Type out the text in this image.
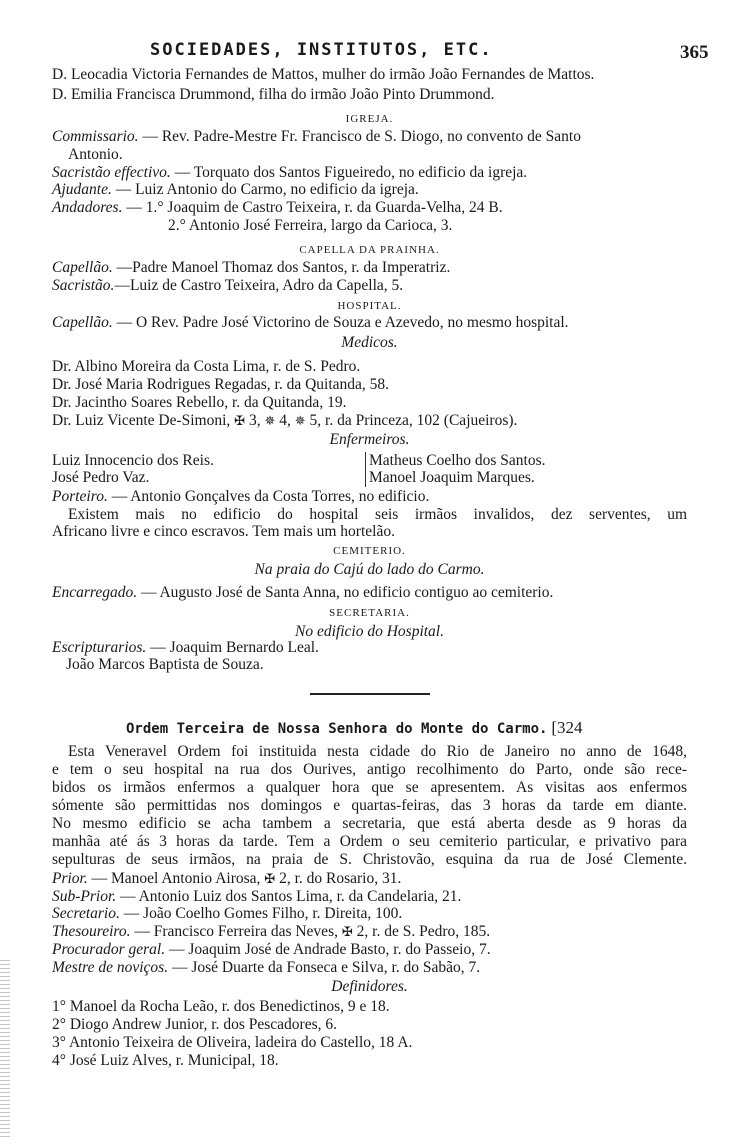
SOCIEDADES, INSTITUTOS, ETC.	365
D. Leocadia Victoria Fernandes de Mattos, mulher do irmão João Fernandes de Mattos.
D. Emilia Francisca Drummond, filha do irmão João Pinto Drummond.
IGREJA.
Commissario. — Rev. Padre-Mestre Fr. Francisco de S. Diogo, no convento de Santo
Antonio.
Sacristão effectivo. — Torquato dos Santos Figueiredo, no edificio da igreja.
Ajudante. — Luiz Antonio do Carmo, no edificio da igreja.
Andadores. — 1.° Joaquim de Castro Teixeira, r. da Guarda-Velha, 24 B.
2.° Antonio José Ferreira, largo da Carioca, 3.
CAPELLA DA PRAINHA.
Capellão. —Padre Manoel Thomaz dos Santos, r. da Imperatriz.
Sacristão.—Luiz de Castro Teixeira, Adro da Capella, 5.
HOSPITAL.
Capellão. — O Rev. Padre José Victorino de Souza e Azevedo, no mesmo hospital.
Medicos.
Dr. Albino Moreira da Costa Lima, r. de S. Pedro.
Dr. José Maria Rodrigues Regadas, r. da Quitanda, 58.
Dr. Jacintho Soares Rebello, r. da Quitanda, 19.
Dr. Luiz Vicente De-Simoni, ✠ 3, ✵ 4, ✵ 5, r. da Princeza, 102 (Cajueiros).
Enfermeiros.
Luiz Innocencio dos Reis.
José Pedro Vaz.
Matheus Coelho dos Santos.
Manoel Joaquim Marques.
Porteiro. — Antonio Gonçalves da Costa Torres, no edificio.
Existem mais no edificio do hospital seis irmãos invalidos, dez serventes, um
Africano livre e cinco escravos. Tem mais um hortelão.
CEMITERIO.
Na praia do Cajú do lado do Carmo.
Encarregado. — Augusto José de Santa Anna, no edificio contiguo ao cemiterio.
SECRETARIA.
No edificio do Hospital.
Escripturarios. — Joaquim Bernardo Leal.
João Marcos Baptista de Souza.
Ordem Terceira de Nossa Senhora do Monte do Carmo. [324
Esta Veneravel Ordem foi instituida nesta cidade do Rio de Janeiro no anno de 1648,
e tem o seu hospital na rua dos Ourives, antigo recolhimento do Parto, onde são rece-
bidos os irmãos enfermos a qualquer hora que se apresentem. As visitas aos enfermos
sómente são permittidas nos domingos e quartas-feiras, das 3 horas da tarde em diante.
No mesmo edificio se acha tambem a secretaria, que está aberta desde as 9 horas da
manhãa até ás 3 horas da tarde. Tem a Ordem o seu cemiterio particular, e privativo para
sepulturas de seus irmãos, na praia de S. Christovão, esquina da rua de José Clemente.
Prior. — Manoel Antonio Airosa, ✠ 2, r. do Rosario, 31.
Sub-Prior. — Antonio Luiz dos Santos Lima, r. da Candelaria, 21.
Secretario. — João Coelho Gomes Filho, r. Direita, 100.
Thesoureiro. — Francisco Ferreira das Neves, ✠ 2, r. de S. Pedro, 185.
Procurador geral. — Joaquim José de Andrade Basto, r. do Passeio, 7.
Mestre de noviços. — José Duarte da Fonseca e Silva, r. do Sabão, 7.
Definidores.
1° Manoel da Rocha Leão, r. dos Benedictinos, 9 e 18.
2° Diogo Andrew Junior, r. dos Pescadores, 6.
3° Antonio Teixeira de Oliveira, ladeira do Castello, 18 A.
4° José Luiz Alves, r. Municipal, 18.
